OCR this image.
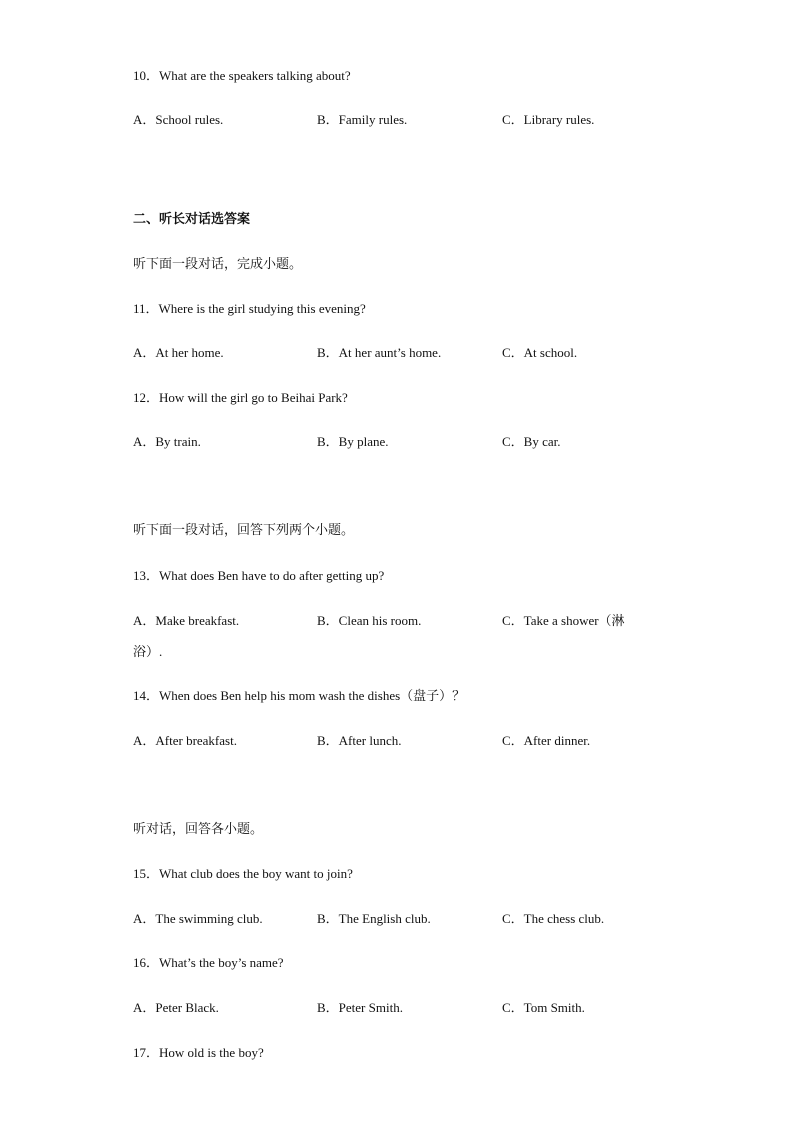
10．What are the speakers talking about?
A．School rules.	B．Family rules.	C．Library rules.
二、听长对话选答案
听下面一段对话，完成小题。
11．Where is the girl studying this evening?
A．At her home.	B．At her aunt’s home.	C．At school.
12．How will the girl go to Beihai Park?
A．By train.	B．By plane.	C．By car.
听下面一段对话，回答下列两个小题。
13．What does Ben have to do after getting up?
A．Make breakfast.	B．Clean his room.	C．Take a shower（淋
浴）.
14．When does Ben help his mom wash the dishes（盘子）？
A．After breakfast.	B．After lunch.	C．After dinner.
听对话，回答各小题。
15．What club does the boy want to join?
A．The swimming club.	B．The English club.	C．The chess club.
16．What’s the boy’s name?
A．Peter Black.	B．Peter Smith.	C．Tom Smith.
17．How old is the boy?
